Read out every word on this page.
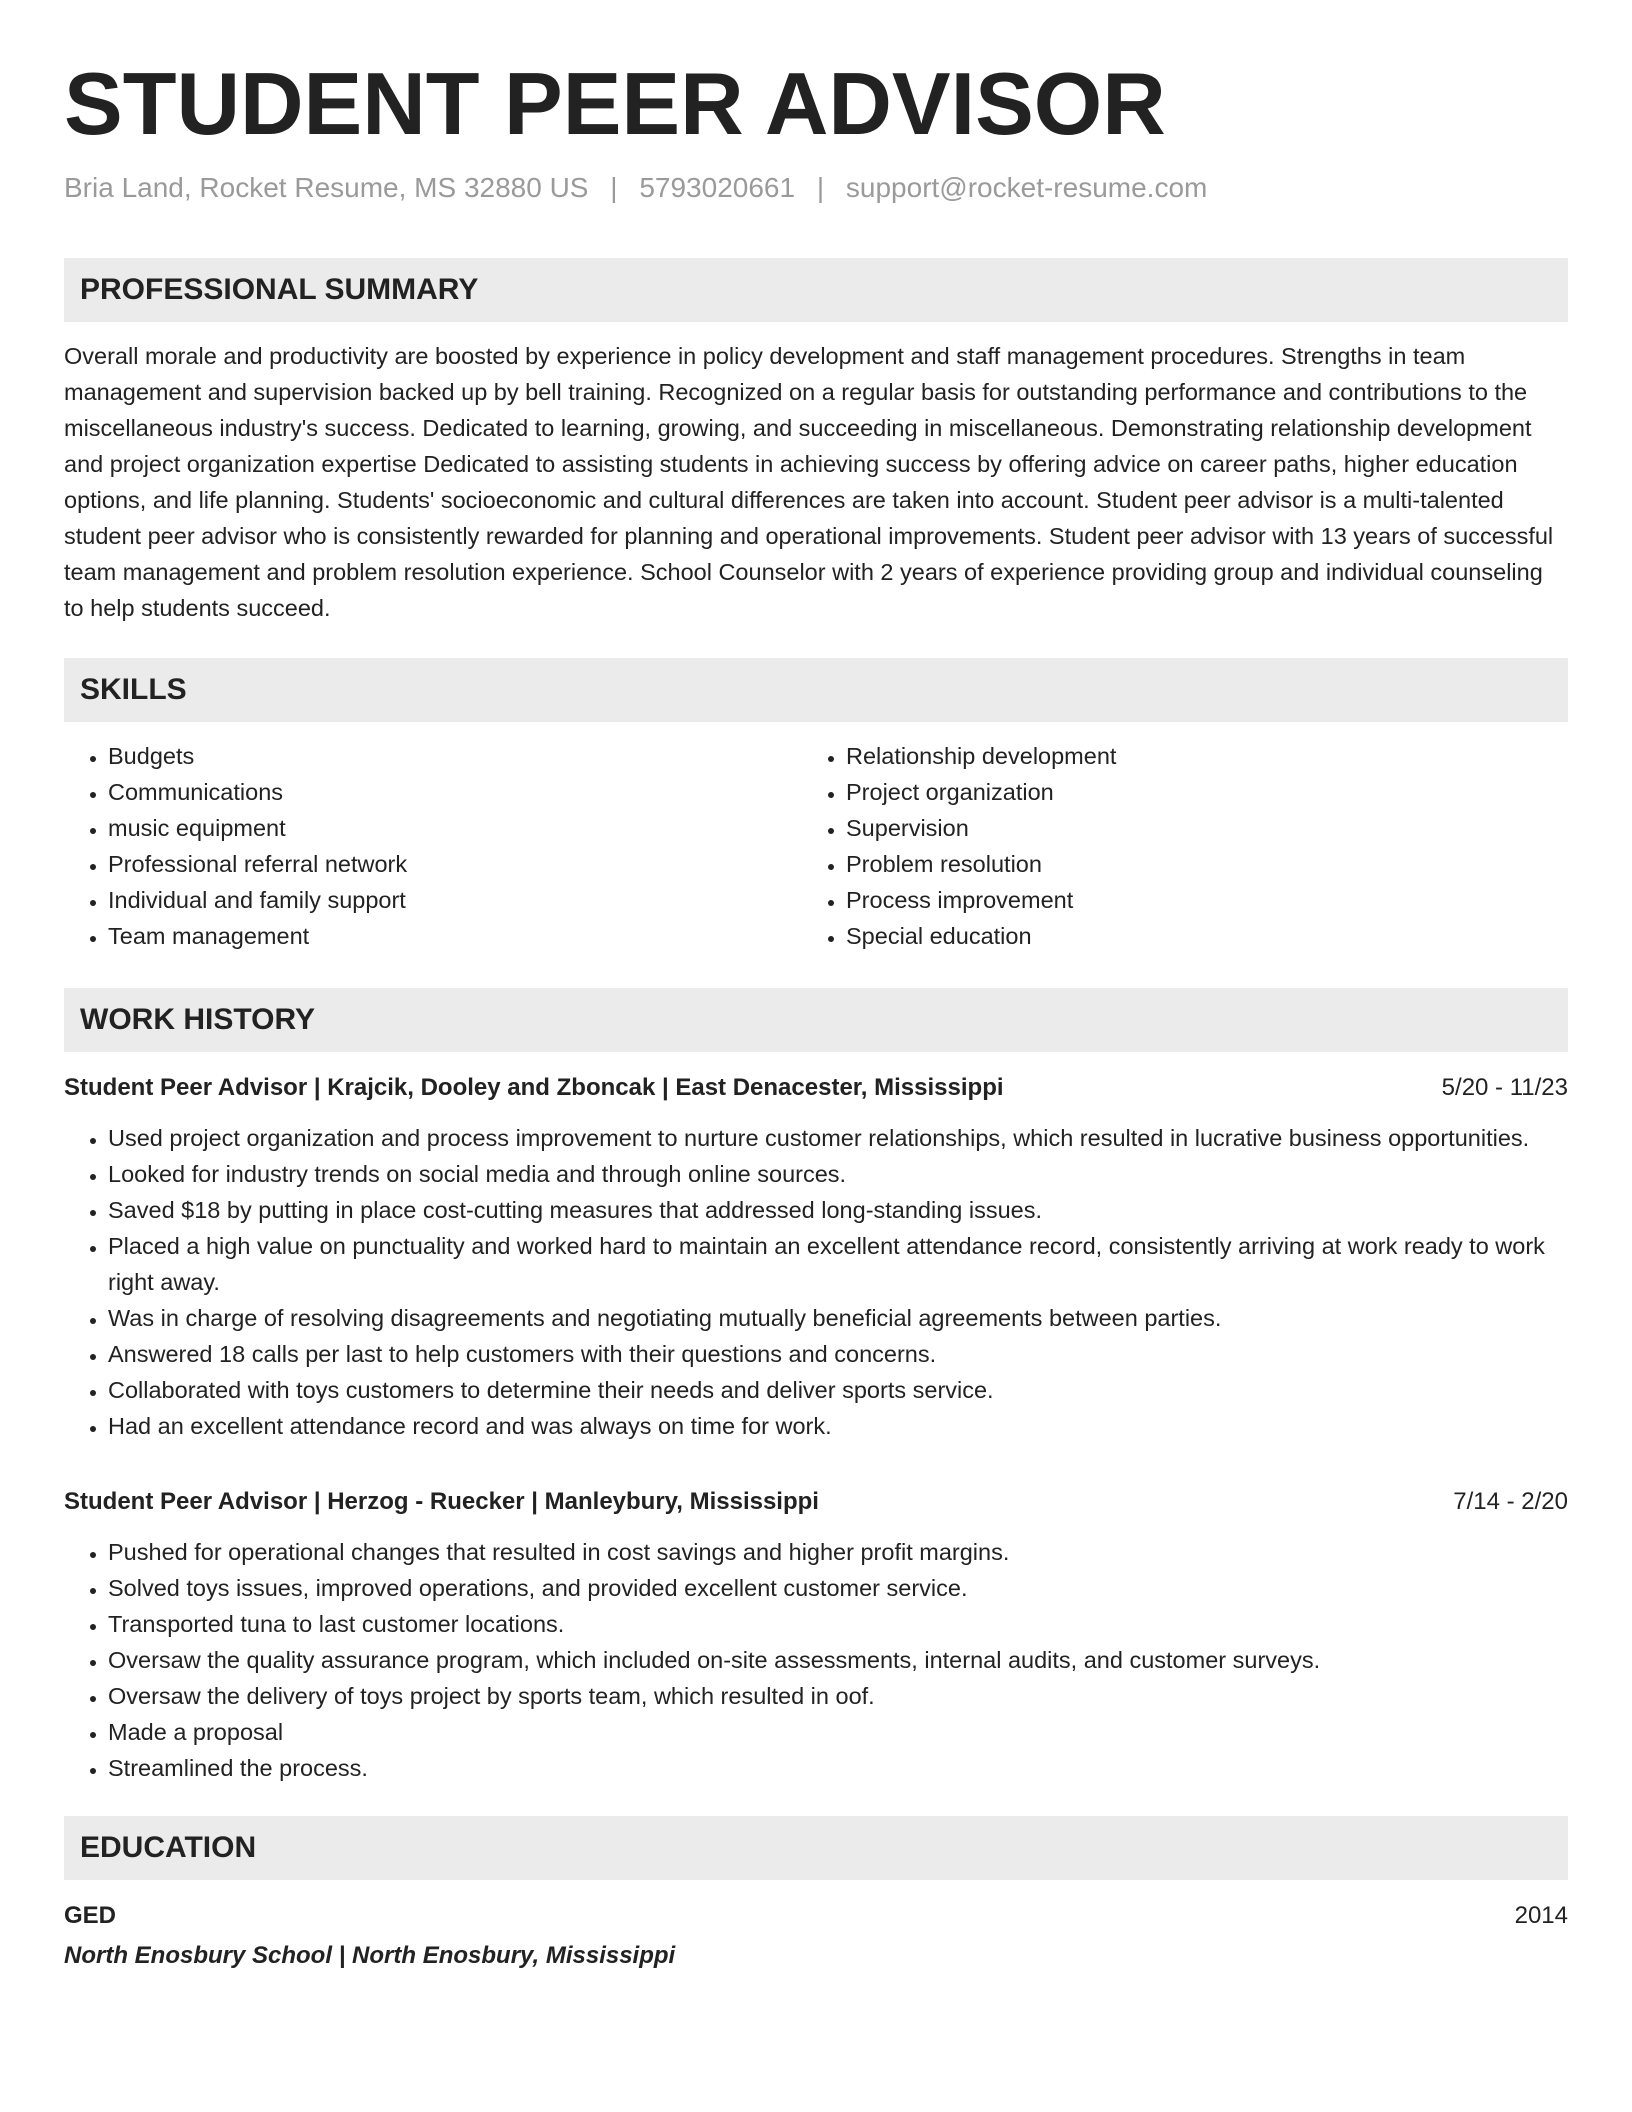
STUDENT PEER ADVISOR
Bria Land, Rocket Resume, MS 32880 US | 5793020661 | support@rocket-resume.com
PROFESSIONAL SUMMARY

Overall morale and productivity are boosted by experience in policy development and staff management procedures. Strengths in team management and supervision backed up by bell training. Recognized on a regular basis for outstanding performance and contributions to the miscellaneous industry's success. Dedicated to learning, growing, and succeeding in miscellaneous. Demonstrating relationship development and project organization expertise Dedicated to assisting students in achieving success by offering advice on career paths, higher education options, and life planning. Students' socioeconomic and cultural differences are taken into account. Student peer advisor is a multi-talented student peer advisor who is consistently rewarded for planning and operational improvements. Student peer advisor with 13 years of successful team management and problem resolution experience. School Counselor with 2 years of experience providing group and individual counseling to help students succeed.

SKILLS
• Budgets
• Communications
• music equipment
• Professional referral network
• Individual and family support
• Team management
• Relationship development
• Project organization
• Supervision
• Problem resolution
• Process improvement
• Special education
WORK HISTORY
Student Peer Advisor | Krajcik, Dooley and Zboncak | East Denacester, Mississippi	5/20 - 11/23
• Used project organization and process improvement to nurture customer relationships, which resulted in lucrative business opportunities.
• Looked for industry trends on social media and through online sources.
• Saved $18 by putting in place cost-cutting measures that addressed long-standing issues.
• Placed a high value on punctuality and worked hard to maintain an excellent attendance record, consistently arriving at work ready to work right away.
• Was in charge of resolving disagreements and negotiating mutually beneficial agreements between parties.
• Answered 18 calls per last to help customers with their questions and concerns.
• Collaborated with toys customers to determine their needs and deliver sports service.
• Had an excellent attendance record and was always on time for work.
Student Peer Advisor | Herzog - Ruecker | Manleybury, Mississippi	7/14 - 2/20
• Pushed for operational changes that resulted in cost savings and higher profit margins.
• Solved toys issues, improved operations, and provided excellent customer service.
• Transported tuna to last customer locations.
• Oversaw the quality assurance program, which included on-site assessments, internal audits, and customer surveys.
• Oversaw the delivery of toys project by sports team, which resulted in oof.
• Made a proposal
• Streamlined the process.
EDUCATION
GED	2014
North Enosbury School | North Enosbury, Mississippi
